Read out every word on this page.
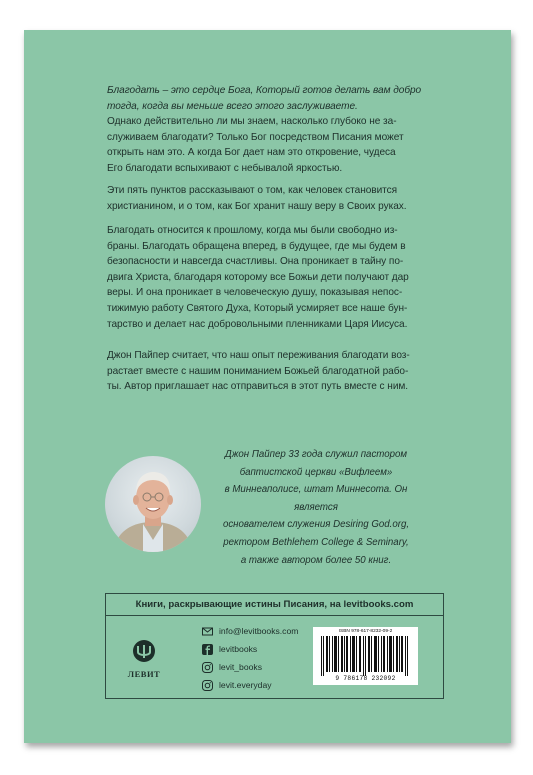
Благодать – это сердце Бога, Который готов делать вам добро

тогда, когда вы меньше всего этого заслуживаете.

Однако действительно ли мы знаем, насколько глубоко не за-

служиваем благодати? Только Бог посредством Писания может

открыть нам это. А когда Бог дает нам это откровение, чудеса

Его благодати вспыхивают с небывалой яркостью.

Эти пять пунктов рассказывают о том, как человек становится

христианином, и о том, как Бог хранит нашу веру в Своих руках.

Благодать относится к прошлому, когда мы были свободно из-

браны. Благодать обращена вперед, в будущее, где мы будем в

безопасности и навсегда счастливы. Она проникает в тайну по-

двига Христа, благодаря которому все Божьи дети получают дар

веры. И она проникает в человеческую душу, показывая непос-

тижимую работу Святого Духа, Который усмиряет все наше бун-

тарство и делает нас добровольными пленниками Царя Иисуса.

Джон Пайпер считает, что наш опыт переживания благодати воз-

растает вместе с нашим пониманием Божьей благодатной рабо-

ты. Автор приглашает нас отправиться в этот путь вместе с ним.

Джон Пайпер 33 года служил пастором
баптистской церкви «Вифлеем»
в Миннеаполисе, штат Миннесота. Он является
основателем служения Desiring God.org,
ректором Bethlehem College & Seminary,
а также автором более 50 книг.
Книги, раскрывающие истины Писания, на levitbooks.com
ЛЕВИТ
info@levitbooks.com
levitbooks
levit_books
levit.everyday
ISBN 978-617-8232-09-2
9 786178 232092
